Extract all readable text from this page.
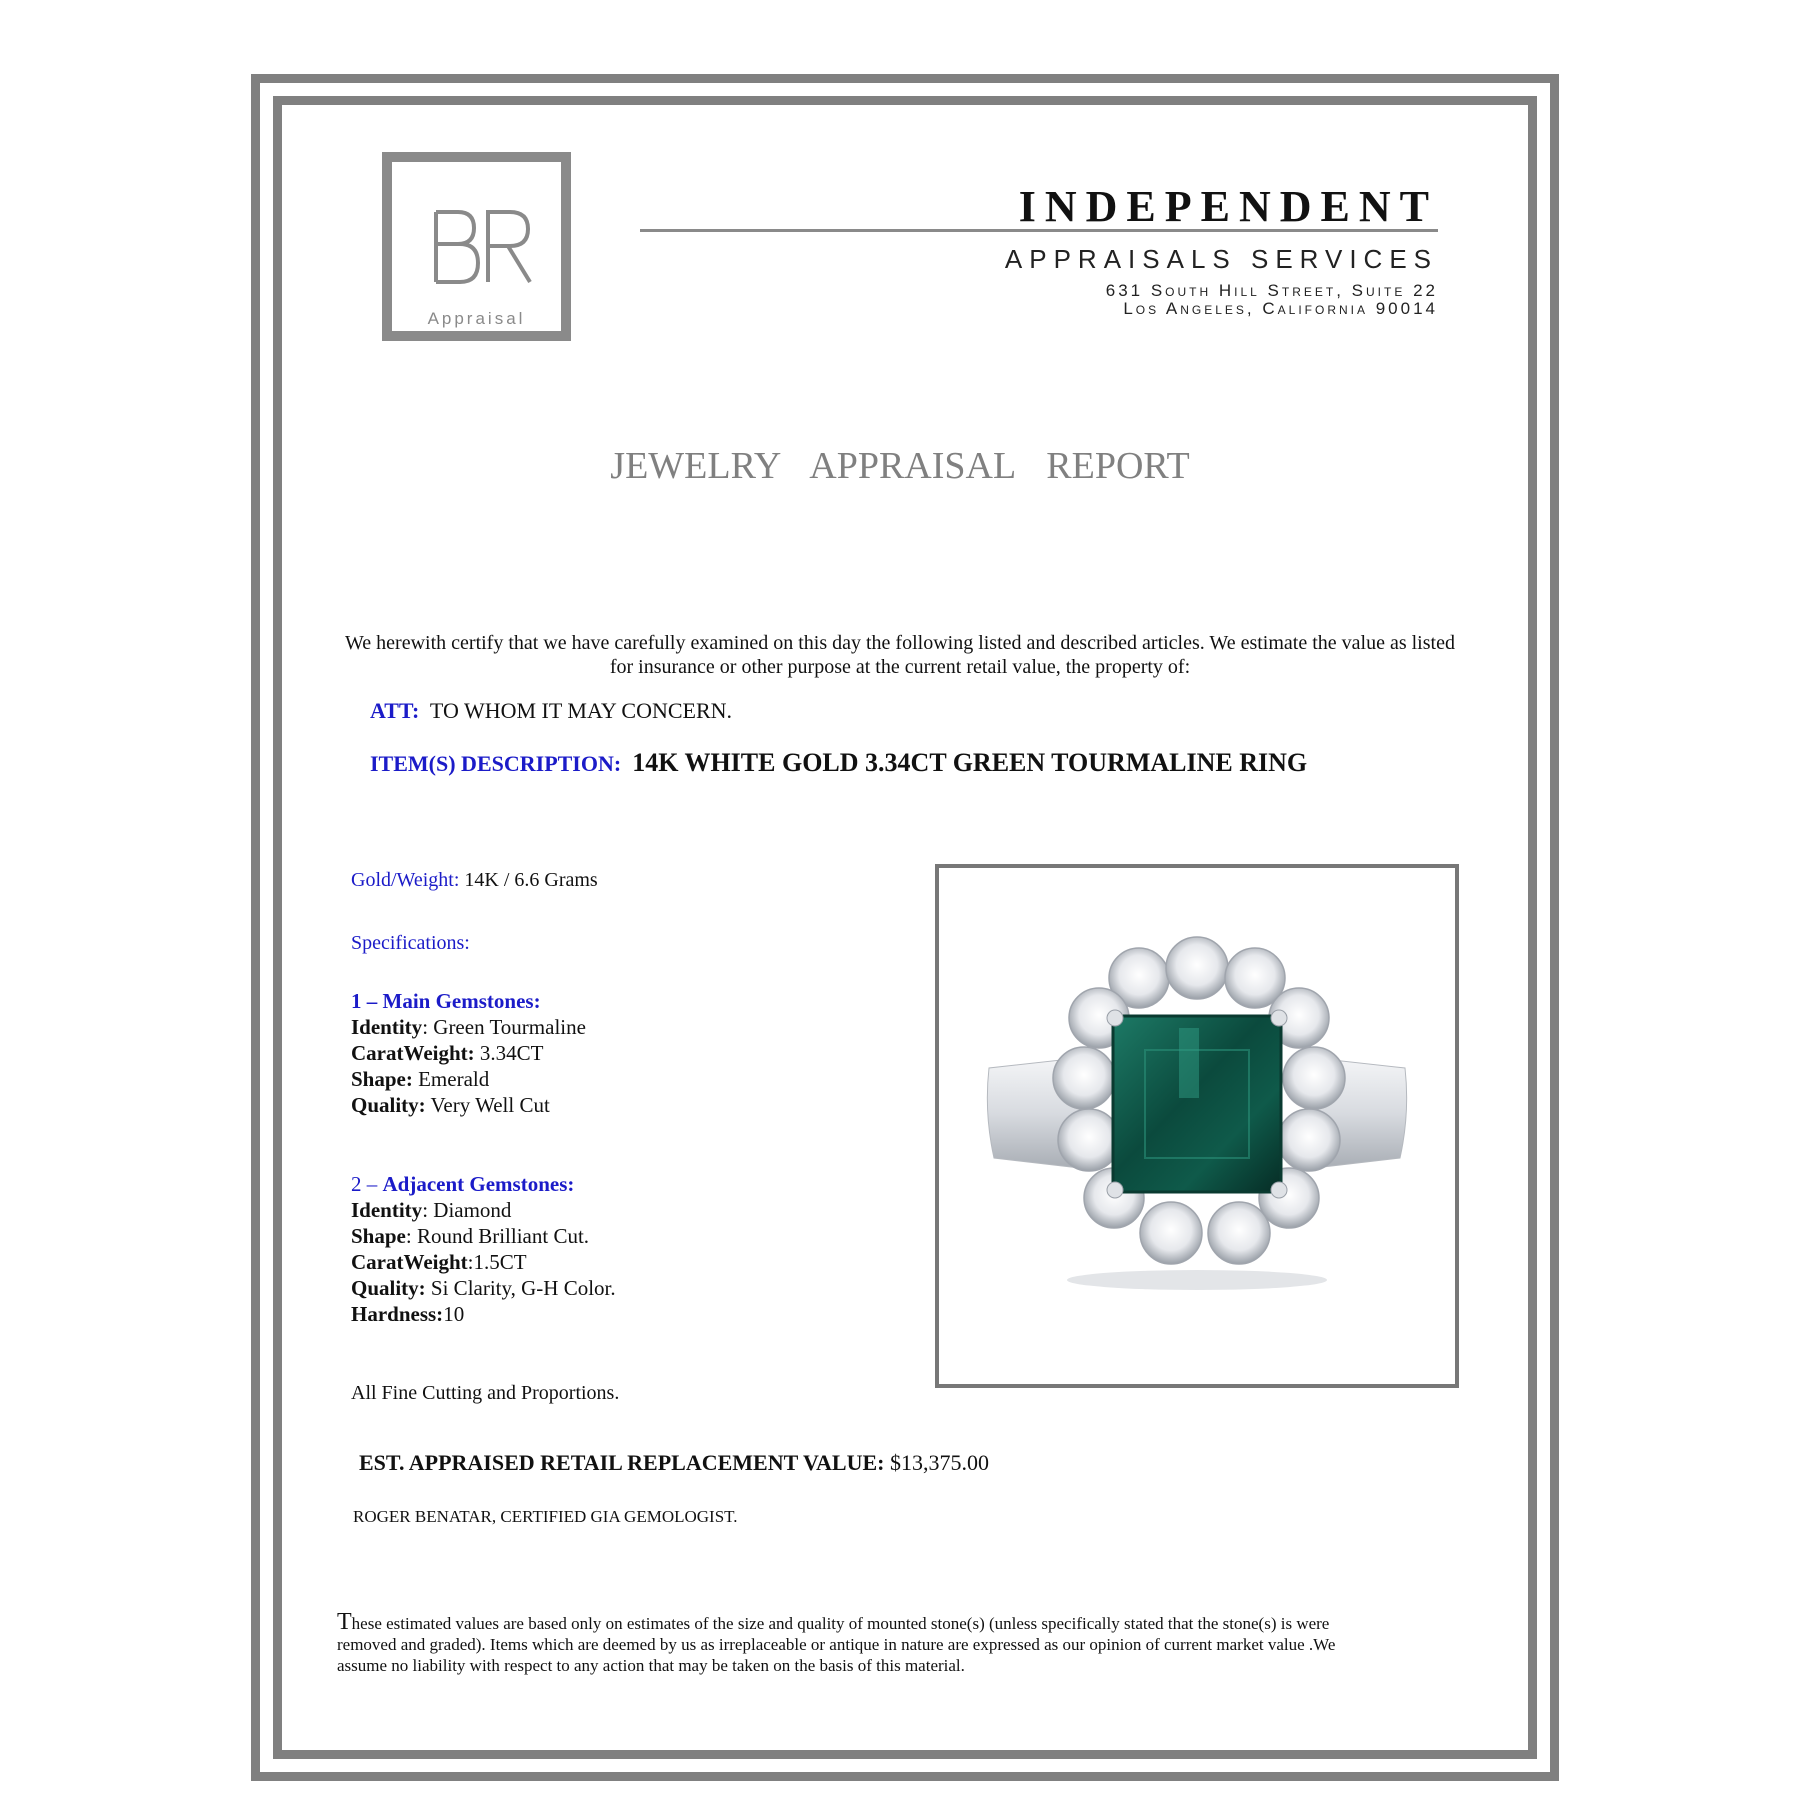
Appraisal
INDEPENDENT
APPRAISALS SERVICES
631 South Hill Street, Suite 22
Los Angeles, California 90014
JEWELRY APPRAISAL REPORT
We herewith certify that we have carefully examined on this day the following listed and described articles. We estimate the value as listed for insurance or other purpose at the current retail value, the property of:
ATT: TO WHOM IT MAY CONCERN.
ITEM(S) DESCRIPTION: 14K WHITE GOLD 3.34CT GREEN TOURMALINE RING
Gold/Weight: 14K / 6.6 Grams
Specifications:
1 – Main Gemstones:
Identity: Green Tourmaline
CaratWeight: 3.34CT
Shape: Emerald
Quality: Very Well Cut
2 – Adjacent Gemstones:
Identity: Diamond
Shape: Round Brilliant Cut.
CaratWeight:1.5CT
Quality: Si Clarity, G-H Color.
Hardness:10
All Fine Cutting and Proportions.
EST. APPRAISED RETAIL REPLACEMENT VALUE: $13,375.00
ROGER BENATAR, CERTIFIED GIA GEMOLOGIST.
These estimated values are based only on estimates of the size and quality of mounted stone(s) (unless specifically stated that the stone(s) is were removed and graded). Items which are deemed by us as irreplaceable or antique in nature are expressed as our opinion of current market value .We assume no liability with respect to any action that may be taken on the basis of this material.
